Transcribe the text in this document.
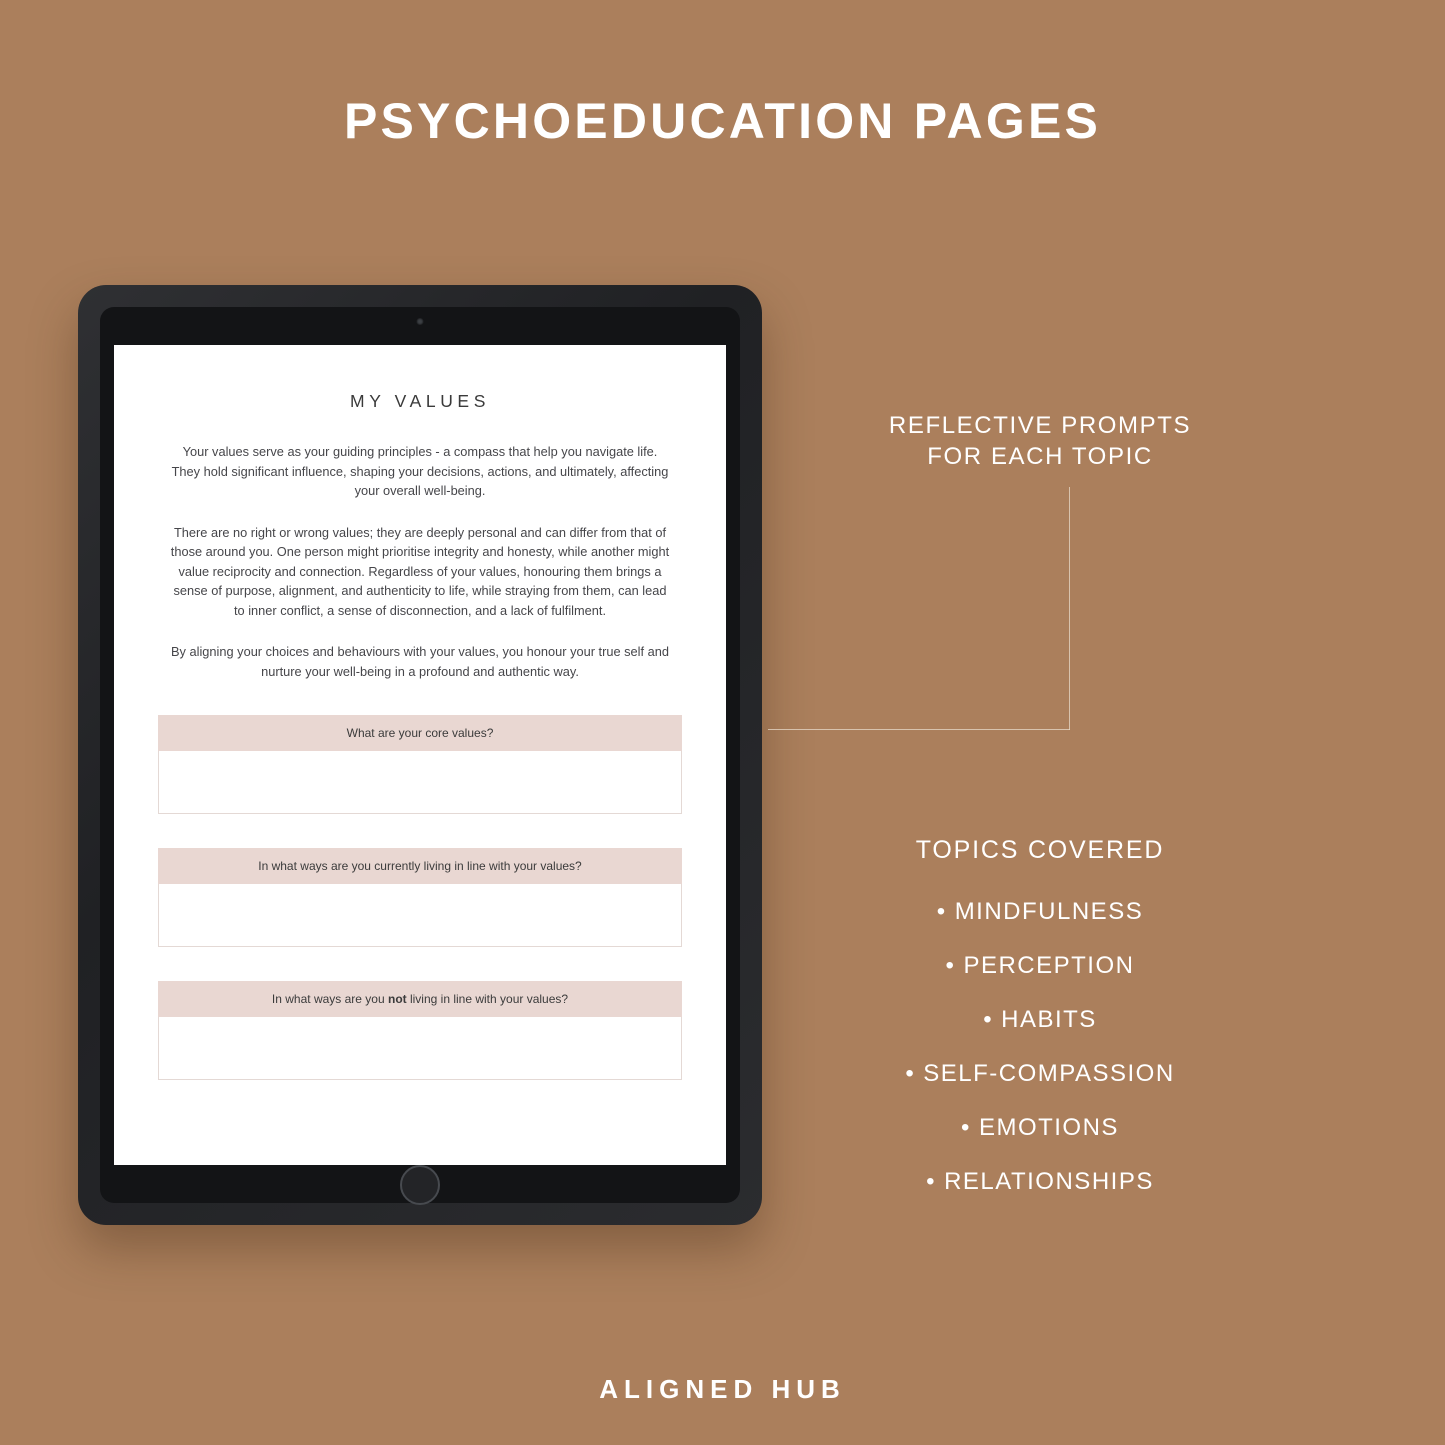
PSYCHOEDUCATION PAGES
MY VALUES

Your values serve as your guiding principles - a compass that help you navigate life. They hold significant influence, shaping your decisions, actions, and ultimately, affecting your overall well-being.

There are no right or wrong values; they are deeply personal and can differ from that of those around you. One person might prioritise integrity and honesty, while another might value reciprocity and connection. Regardless of your values, honouring them brings a sense of purpose, alignment, and authenticity to life, while straying from them, can lead to inner conflict, a sense of disconnection, and a lack of fulfilment.

By aligning your choices and behaviours with your values, you honour your true self and nurture your well-being in a profound and authentic way.

What are your core values?
In what ways are you currently living in line with your values?
In what ways are you not living in line with your values?
REFLECTIVE PROMPTS
FOR EACH TOPIC
TOPICS COVERED
• MINDFULNESS
• PERCEPTION
• HABITS
• SELF-COMPASSION
• EMOTIONS
• RELATIONSHIPS
ALIGNED HUB
